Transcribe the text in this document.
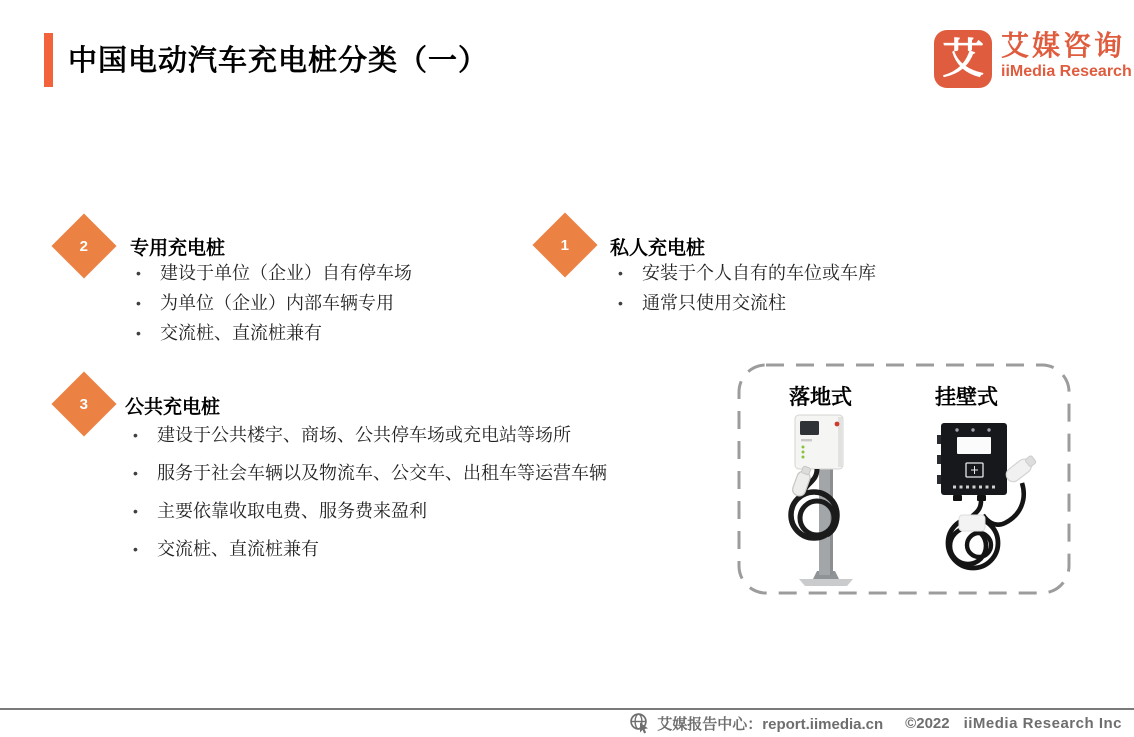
中国电动汽车充电桩分类（一）	艾 艾媒咨询
iiMedia Research
2 专用充电桩
•	建设于单位（企业）自有停车场
•	为单位（企业）内部车辆专用
•	交流桩、直流桩兼有
1 私人充电桩
•	安装于个人自有的车位或车库
•	通常只使用交流柱
3 公共充电桩
•	建设于公共楼宇、商场、公共停车场或充电站等场所
•	服务于社会车辆以及物流车、公交车、出租车等运营车辆
•	主要依靠收取电费、服务费来盈利
•	交流桩、直流桩兼有
落地式	挂壁式
艾媒报告中心：report.iimedia.cn ©2022 iiMedia Research Inc
